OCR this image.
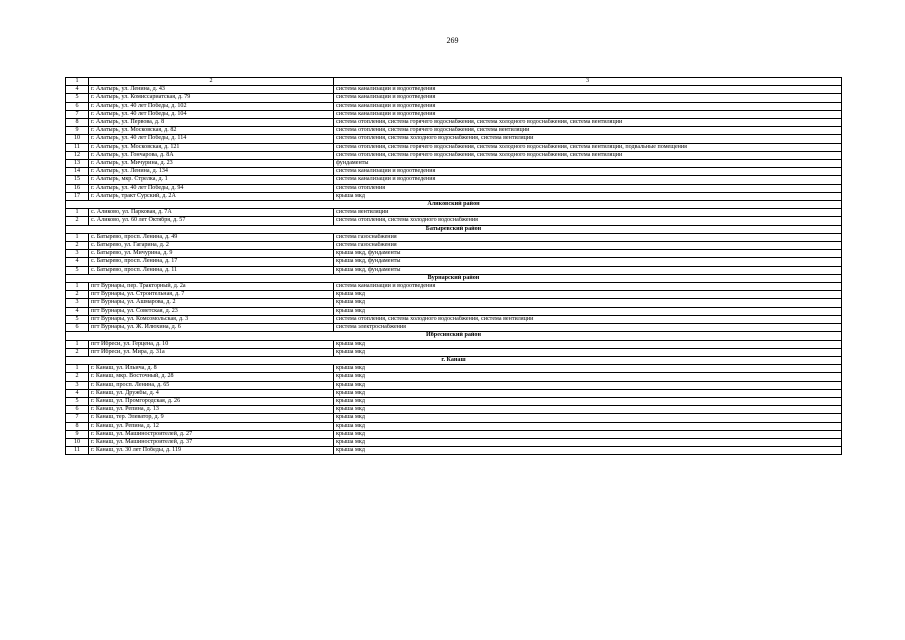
269
1	2	3
4	г. Алатырь, ул. Ленина, д. 43	система канализации и водоотведения
5	г. Алатырь, ул. Комиссариатская, д. 79	система канализации и водоотведения
6	г. Алатырь, ул. 40 лет Победы, д. 102	система канализации и водоотведения
7	г. Алатырь, ул. 40 лет Победы, д. 104	система канализации и водоотведения
8	г. Алатырь, ул. Первова, д. 8	система отопления, система горячего водоснабжения, система холодного водоснабжения, система вентиляции
9	г. Алатырь, ул. Московская, д. 82	система отопления, система горячего водоснабжения, система вентиляции
10	г. Алатырь, ул. 40 лет Победы, д. 114	система отопления, система холодного водоснабжения, система вентиляции
11	г. Алатырь, ул. Московская, д. 121	система отопления, система горячего водоснабжения, система холодного водоснабжения, система вентиляции, подвальные помещения
12	г. Алатырь, ул. Гончарова, д. 8А	система отопления, система горячего водоснабжения, система холодного водоснабжения, система вентиляции
13	г. Алатырь, ул. Мичурина, д. 23	фундаменты
14	г. Алатырь, ул. Ленина, д. 134	система канализации и водоотведения
15	г. Алатырь, мкр. Стрелка, д. 1	система канализации и водоотведения
16	г. Алатырь, ул. 40 лет Победы, д. 94	система отопления
17	г. Алатырь, тракт Сурский, д. 2А	крыша мкд
Аликовский район		
1	с. Аликово, ул. Парковая, д. 7А	система вентиляции
2	с. Аликово, ул. 60 лет Октября, д. 57	система отопления, система холодного водоснабжения
Батыревский район		
1	с. Батырево, просп. Ленина, д. 49	система газоснабжения
2	с. Батырево, ул. Гагарина, д. 2	система газоснабжения
3	с. Батырево, ул. Мичурина, д. 9	крыша мкд, фундаменты
4	с. Батырево, просп. Ленина, д. 17	крыша мкд, фундаменты
5	с. Батырево, просп. Ленина, д. 11	крыша мкд, фундаменты
Вурнарский район		
1	пгт Вурнары, пер. Тракторный, д. 2а	система канализации и водоотведения
2	пгт Вурнары, ул. Строительная, д. 7	крыша мкд
3	пгт Вурнары, ул. Ашмарова, д. 2	крыша мкд
4	пгт Вурнары, ул. Советская, д. 23	крыша мкд
5	пгт Вурнары, ул. Комсомольская, д. 3	система отопления, система холодного водоснабжения, система вентиляции
6	пгт Вурнары, ул. Ж. Илюхина, д. 6	система электроснабжения
Ибресинский район		
1	пгт Ибреси, ул. Герцена, д. 10	крыша мкд
2	пгт Ибреси, ул. Мира, д. 31а	крыша мкд
г. Канаш		
1	г. Канаш, ул. Ильича, д. 8	крыша мкд
2	г. Канаш, мкр. Восточный, д. 28	крыша мкд
3	г. Канаш, просп. Ленина, д. 65	крыша мкд
4	г. Канаш, ул. Дружбы, д. 4	крыша мкд
5	г. Канаш, ул. Промгородская, д. 26	крыша мкд
6	г. Канаш, ул. Репина, д. 13	крыша мкд
7	г. Канаш, тер. Элеватор, д. 9	крыша мкд
8	г. Канаш, ул. Репина, д. 12	крыша мкд
9	г. Канаш, ул. Машиностроителей, д. 27	крыша мкд
10	г. Канаш, ул. Машиностроителей, д. 37	крыша мкд
11	г. Канаш, ул. 30 лет Победы, д. 119	крыша мкд
